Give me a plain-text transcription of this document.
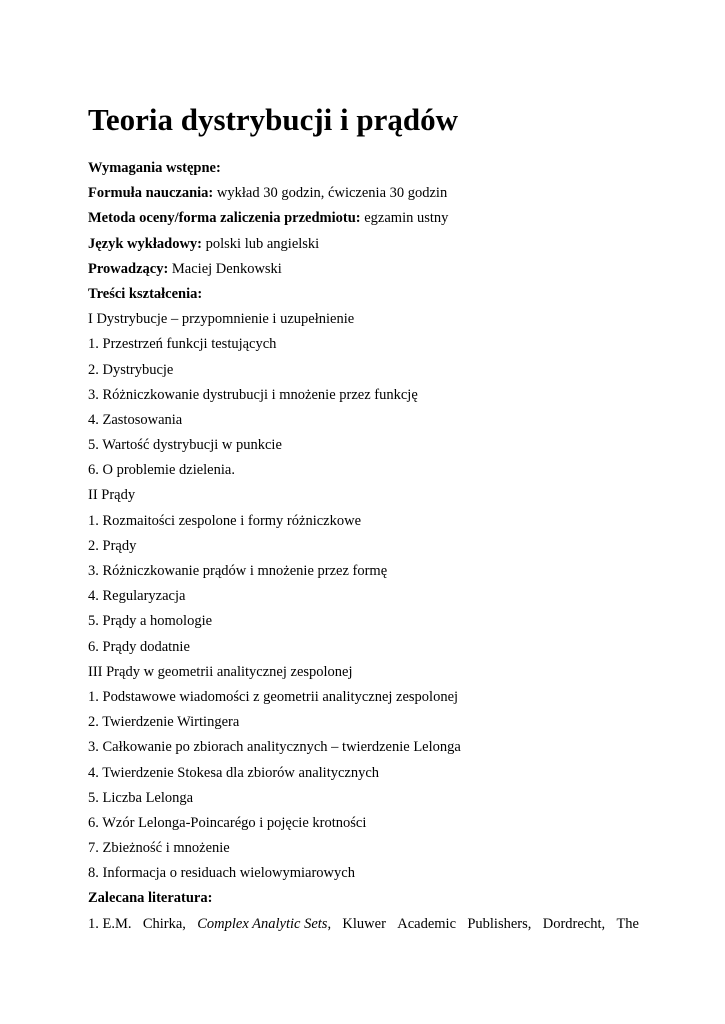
Teoria dystrybucji i prądów
Wymagania wstępne:
Formuła nauczania: wykład 30 godzin, ćwiczenia 30 godzin
Metoda oceny/forma zaliczenia przedmiotu: egzamin ustny
Język wykładowy: polski lub angielski
Prowadzący: Maciej Denkowski
Treści kształcenia:
I Dystrybucje – przypomnienie i uzupełnienie
1. Przestrzeń funkcji testujących
2. Dystrybucje
3. Różniczkowanie dystrubucji i mnożenie przez funkcję
4. Zastosowania
5. Wartość dystrybucji w punkcie
6. O problemie dzielenia.
II Prądy
1. Rozmaitości zespolone i formy różniczkowe
2. Prądy
3. Różniczkowanie prądów i mnożenie przez formę
4. Regularyzacja
5. Prądy a homologie
6. Prądy dodatnie
III Prądy w geometrii analitycznej zespolonej
1. Podstawowe wiadomości z geometrii analitycznej zespolonej
2. Twierdzenie Wirtingera
3. Całkowanie po zbiorach analitycznych – twierdzenie Lelonga
4. Twierdzenie Stokesa dla zbiorów analitycznych
5. Liczba Lelonga
6. Wzór Lelonga-Poincarégo i pojęcie krotności
7. Zbieżność i mnożenie
8. Informacja o residuach wielowymiarowych
Zalecana literatura:
1. E.M. Chirka, Complex Analytic Sets, Kluwer Academic Publishers, Dordrecht, The
